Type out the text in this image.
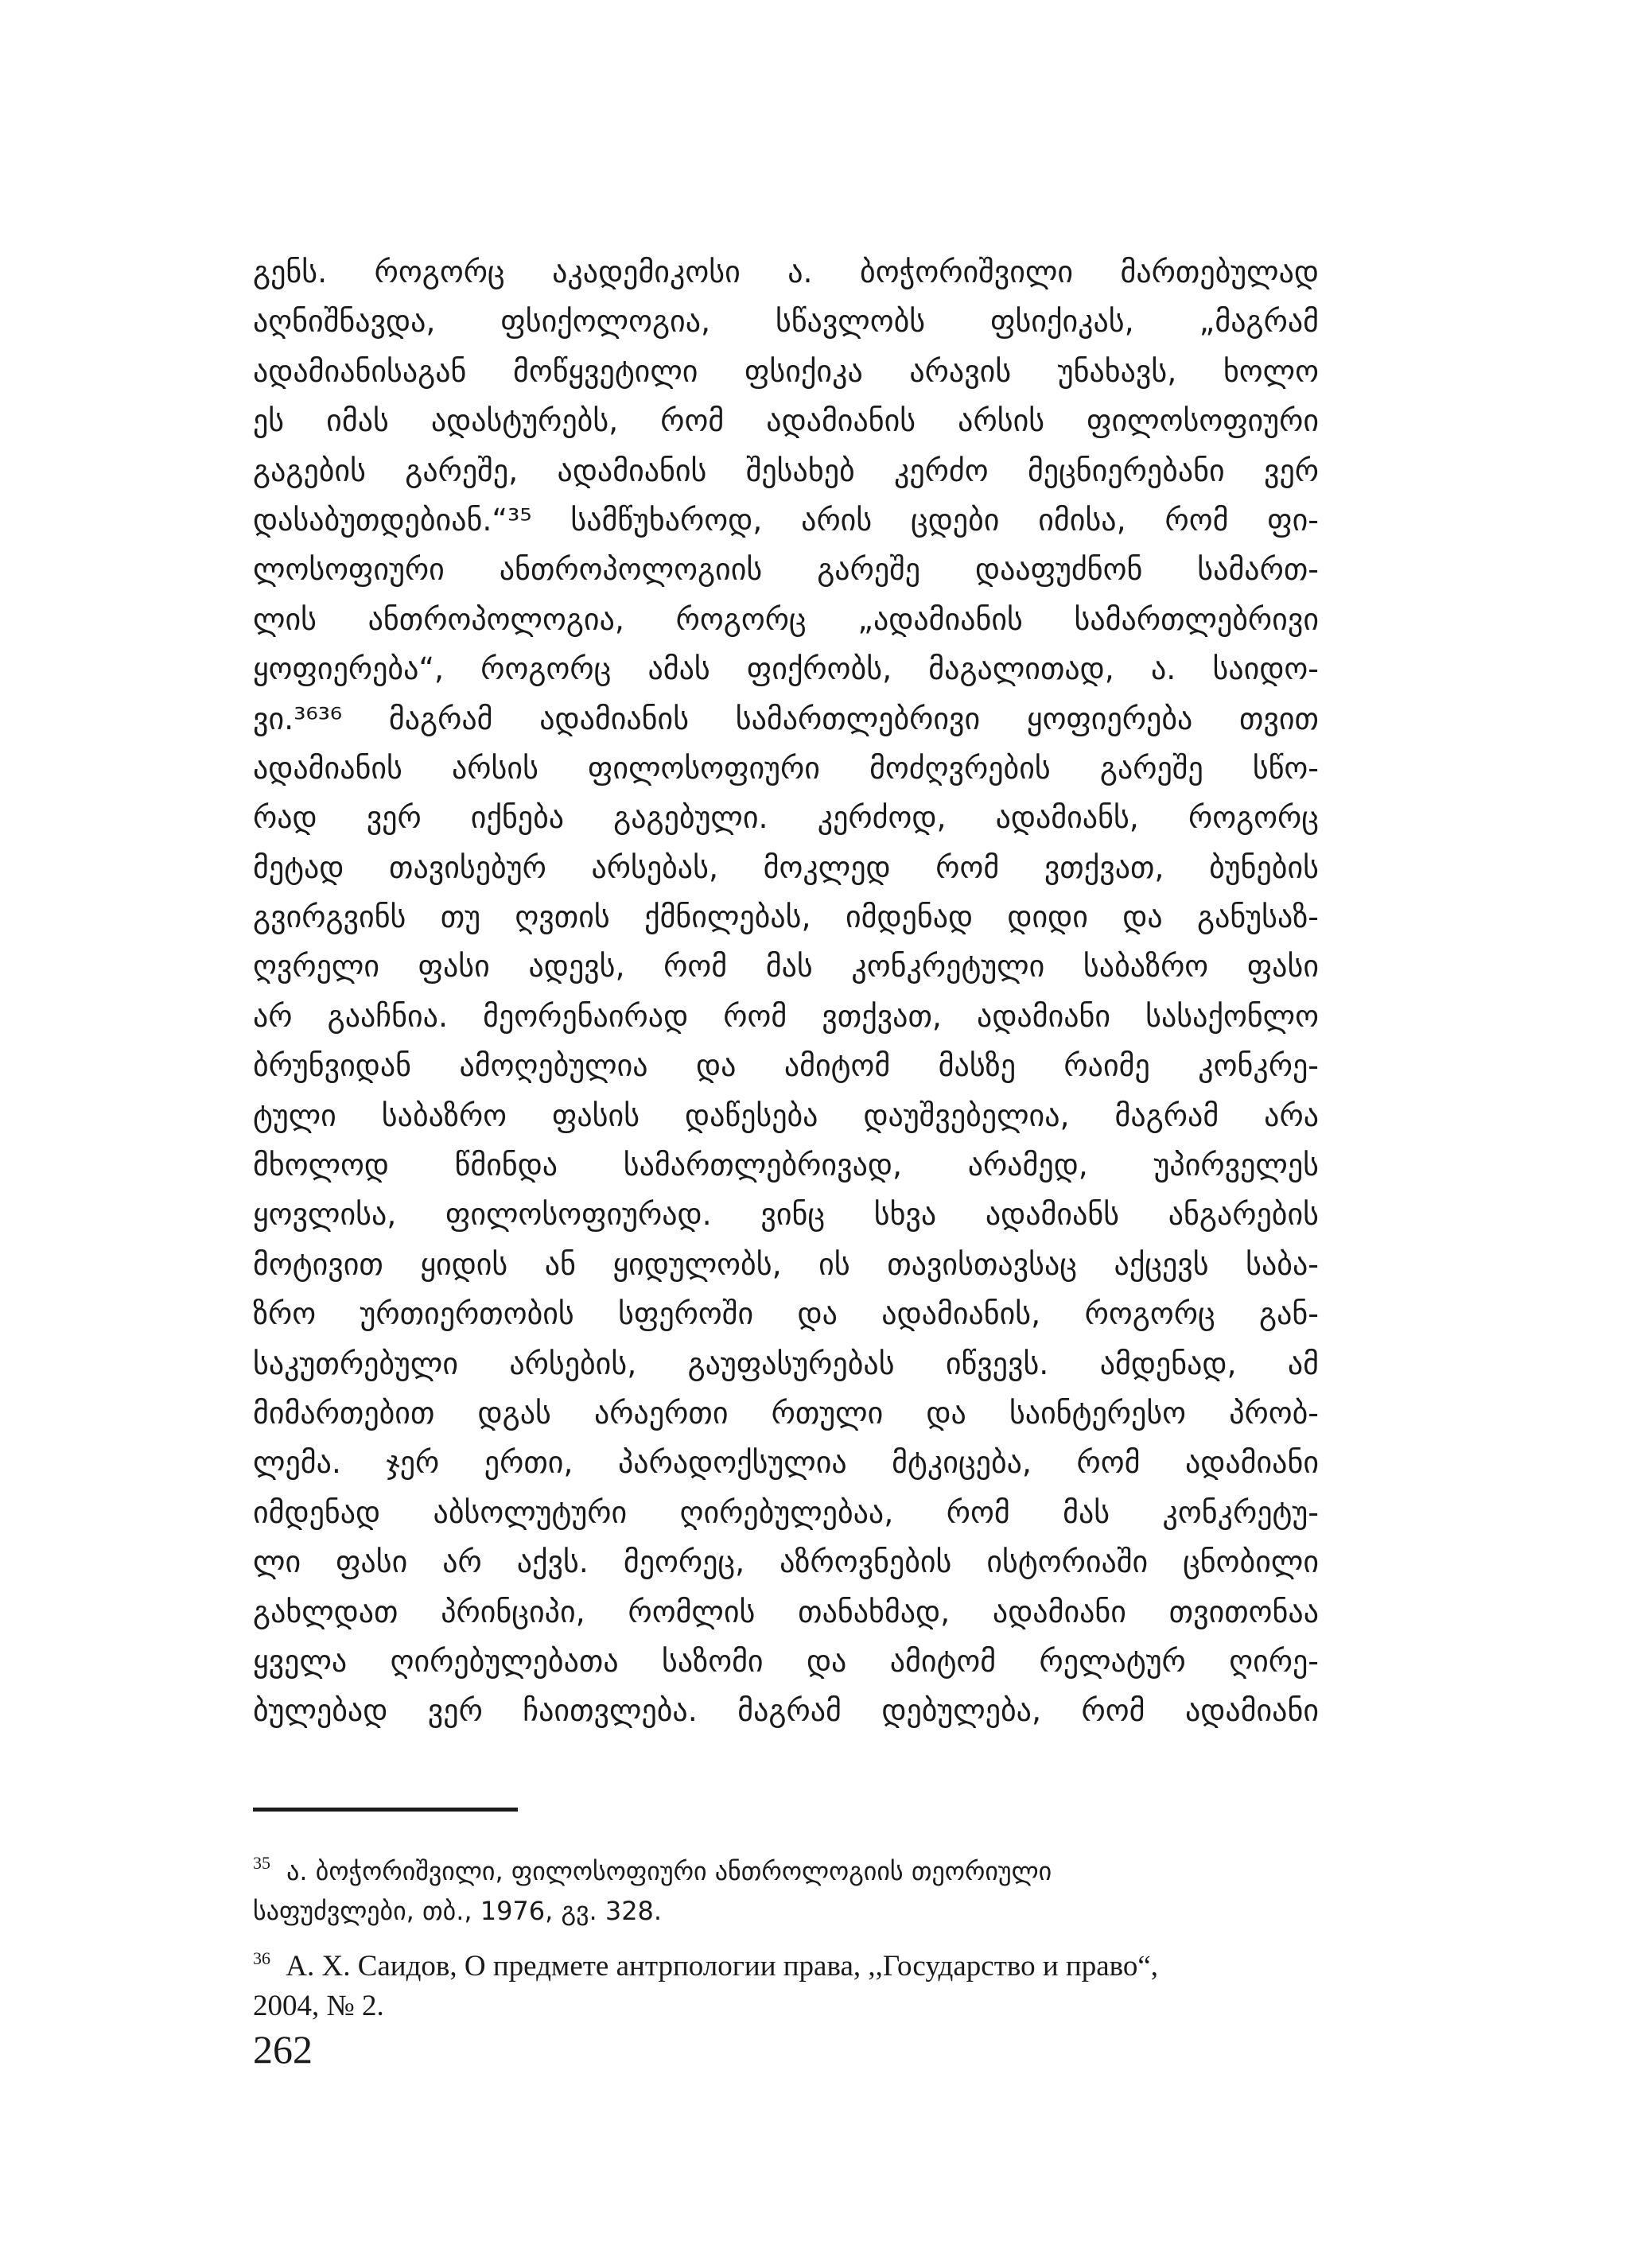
გენს. როგორც აკადემიკოსი ა. ბოჭორიშვილი მართებულად
აღნიშნავდა, ფსიქოლოგია, სწავლობს ფსიქიკას, „მაგრამ
ადამიანისაგან მოწყვეტილი ფსიქიკა არავის უნახავს, ხოლო
ეს იმას ადასტურებს, რომ ადამიანის არსის ფილოსოფიური
გაგების გარეშე, ადამიანის შესახებ კერძო მეცნიერებანი ვერ
დასაბუთდებიან.“³⁵ სამწუხაროდ, არის ცდები იმისა, რომ ფი-
ლოსოფიური ანთროპოლოგიის გარეშე დააფუძნონ სამართ-
ლის ანთროპოლოგია, როგორც „ადამიანის სამართლებრივი
ყოფიერება“, როგორც ამას ფიქრობს, მაგალითად, ა. საიდო-
ვი.³⁶³⁶ მაგრამ ადამიანის სამართლებრივი ყოფიერება თვით
ადამიანის არსის ფილოსოფიური მოძღვრების გარეშე სწო-
რად ვერ იქნება გაგებული. კერძოდ, ადამიანს, როგორც
მეტად თავისებურ არსებას, მოკლედ რომ ვთქვათ, ბუნების
გვირგვინს თუ ღვთის ქმნილებას, იმდენად დიდი და განუსაზ-
ღვრელი ფასი ადევს, რომ მას კონკრეტული საბაზრო ფასი
არ გააჩნია. მეორენაირად რომ ვთქვათ, ადამიანი სასაქონლო
ბრუნვიდან ამოღებულია და ამიტომ მასზე რაიმე კონკრე-
ტული საბაზრო ფასის დაწესება დაუშვებელია, მაგრამ არა
მხოლოდ წმინდა სამართლებრივად, არამედ, უპირველეს
ყოვლისა, ფილოსოფიურად. ვინც სხვა ადამიანს ანგარების
მოტივით ყიდის ან ყიდულობს, ის თავისთავსაც აქცევს საბა-
ზრო ურთიერთობის სფეროში და ადამიანის, როგორც გან-
საკუთრებული არსების, გაუფასურებას იწვევს. ამდენად, ამ
მიმართებით დგას არაერთი რთული და საინტერესო პრობ-
ლემა. ჯერ ერთი, პარადოქსულია მტკიცება, რომ ადამიანი
იმდენად აბსოლუტური ღირებულებაა, რომ მას კონკრეტუ-
ლი ფასი არ აქვს. მეორეც, აზროვნების ისტორიაში ცნობილი
გახლდათ პრინციპი, რომლის თანახმად, ადამიანი თვითონაა
ყველა ღირებულებათა საზომი და ამიტომ რელატურ ღირე-
ბულებად ვერ ჩაითვლება. მაგრამ დებულება, რომ ადამიანი
$^{35}$ ა. ბოჭორიშვილი, ფილოსოფიური ანთროლოგიის თეორიული
საფუძვლები, თბ., 1976, გვ. 328.
$^{36}$ А. Х. Саидов, О предмете антрпологии права, ,,Государство и право“,
2004, № 2.
262
